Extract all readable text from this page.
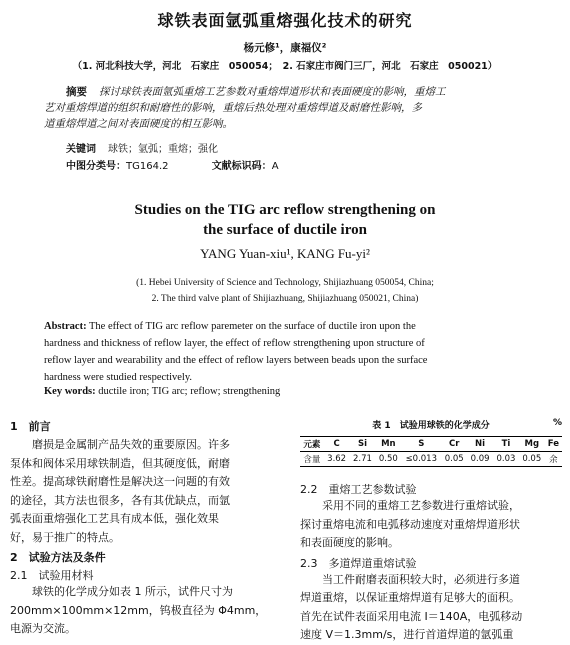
球铁表面氩弧重熔强化技术的研究
杨元修¹，康福仪²
（1. 河北科技大学，河北　石家庄　050054；　2. 石家庄市阀门三厂，河北　石家庄　050021）
摘要 探讨球铁表面氩弧重熔工艺参数对重熔焊道形状和表面硬度的影响，重熔工
艺对重熔焊道的组织和耐磨性的影响，重熔后热处理对重熔焊道及耐磨性影响，多
道重熔焊道之间对表面硬度的相互影响。
关键词 球铁；氩弧；重熔；强化
中图分类号：TG164.2	文献标识码：A
Studies on the TIG arc reflow strengthening on
the surface of ductile iron
YANG Yuan-xiu¹, KANG Fu-yi²
(1. Hebei University of Science and Technology, Shijiazhuang 050054, China;
2. The third valve plant of Shijiazhuang, Shijiazhuang 050021, China)
Abstract: The effect of TIG arc reflow paremeter on the surface of ductile iron upon the
hardness and thickness of reflow layer, the effect of reflow strengthening upon structure of
reflow layer and wearability and the effect of reflow layers between beads upon the surface
hardness were studied respectively.
Key words: ductile iron; TIG arc; reflow; strengthening
1　前言
　　磨损是金属制产品失效的重要原因。许多
泵体和阀体采用球铁制造，但其硬度低，耐磨
性差。提高球铁耐磨性是解决这一问题的有效
的途径，其方法也很多，各有其优缺点，而氩
弧表面重熔强化工艺具有成本低，强化效果
好，易于推广的特点。
2　试验方法及条件
2.1　试验用材料
　　球铁的化学成分如表 1 所示，试件尺寸为
200mm×100mm×12mm，钨极直径为 Φ4mm，
电源为交流。
表 1　试验用球铁的化学成分	%
元素	C	Si	Mn	S	Cr	Ni	Ti	Mg	Fe
含量	3.62	2.71	0.50	≤0.013	0.05	0.09	0.03	0.05	余
2.2　重熔工艺参数试验
　　采用不同的重熔工艺参数进行重熔试验，
探讨重熔电流和电弧移动速度对重熔焊道形状
和表面硬度的影响。
2.3　多道焊道重熔试验
　　当工件耐磨表面积较大时，必须进行多道
焊道重熔，以保证重熔焊道有足够大的面积。
首先在试件表面采用电流 I＝140A，电弧移动
速度 V＝1.3mm/s，进行首道焊道的氩弧重
